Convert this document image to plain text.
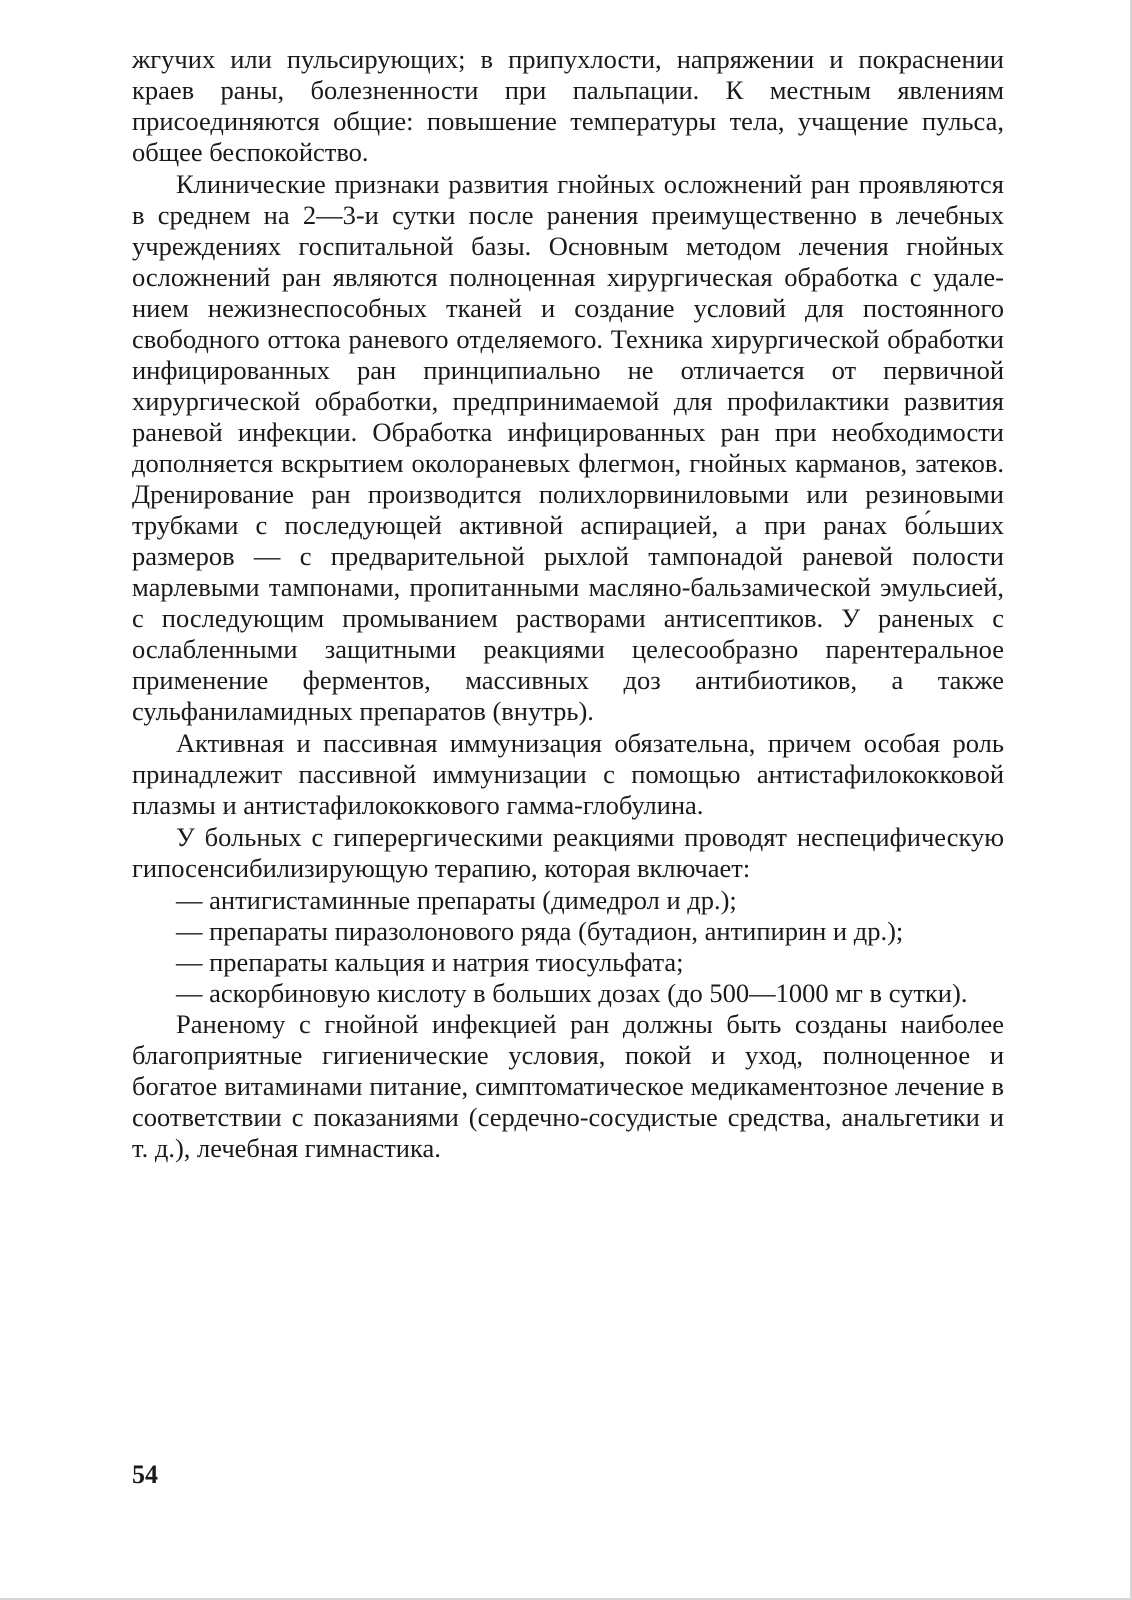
жгучих или пульсирующих; в припухлости, напряжении и покраснении краев раны, болезненности при пальпации. К местным явлениям присоединяются общие: повышение температуры тела, учащение пульса, общее беспокойство.

Клинические признаки развития гнойных осложнений ран проявляются в среднем на 2—3-и сутки после ранения преимущественно в лечебных учреждениях госпитальной базы. Основным методом лечения гнойных осложнений ран являются полноценная хирургическая обработка с удалением нежизнеспособных тканей и создание условий для постоянного свободного оттока раневого отделяемого. Техника хирургической обработки инфицированных ран принципиально не отличается от первичной хирургической обработки, предпринимаемой для профилактики развития раневой инфекции. Обработка инфицированных ран при необходимости дополняется вскрытием околораневых флегмон, гнойных карманов, затеков. Дренирование ран производится полихлорвиниловыми или резиновыми трубками с последующей активной аспирацией, а при ранах бо́льших размеров — с предварительной рыхлой тампонадой раневой полости марлевыми тампонами, пропитанными масляно-бальзамической эмульсией, с последующим промыванием растворами антисептиков. У раненых с ослабленными защитными реакциями целесообразно парентеральное применение ферментов, массивных доз антибиотиков, а также сульфаниламидных препаратов (внутрь).

Активная и пассивная иммунизация обязательна, причем особая роль принадлежит пассивной иммунизации с помощью антистафилококковой плазмы и антистафилококкового гамма-глобулина.

У больных с гиперергическими реакциями проводят неспецифическую гипосенсибилизирующую терапию, которая включает:

— антигистаминные препараты (димедрол и др.);

— препараты пиразолонового ряда (бутадион, антипирин и др.);

— препараты кальция и натрия тиосульфата;

— аскорбиновую кислоту в больших дозах (до 500—1000 мг в сутки).

Раненому с гнойной инфекцией ран должны быть созданы наиболее благоприятные гигиенические условия, покой и уход, полноценное и богатое витаминами питание, симптоматическое медикаментозное лечение в соответствии с показаниями (сердечно-сосудистые средства, анальгетики и т. д.), лечебная гимнастика.

54
